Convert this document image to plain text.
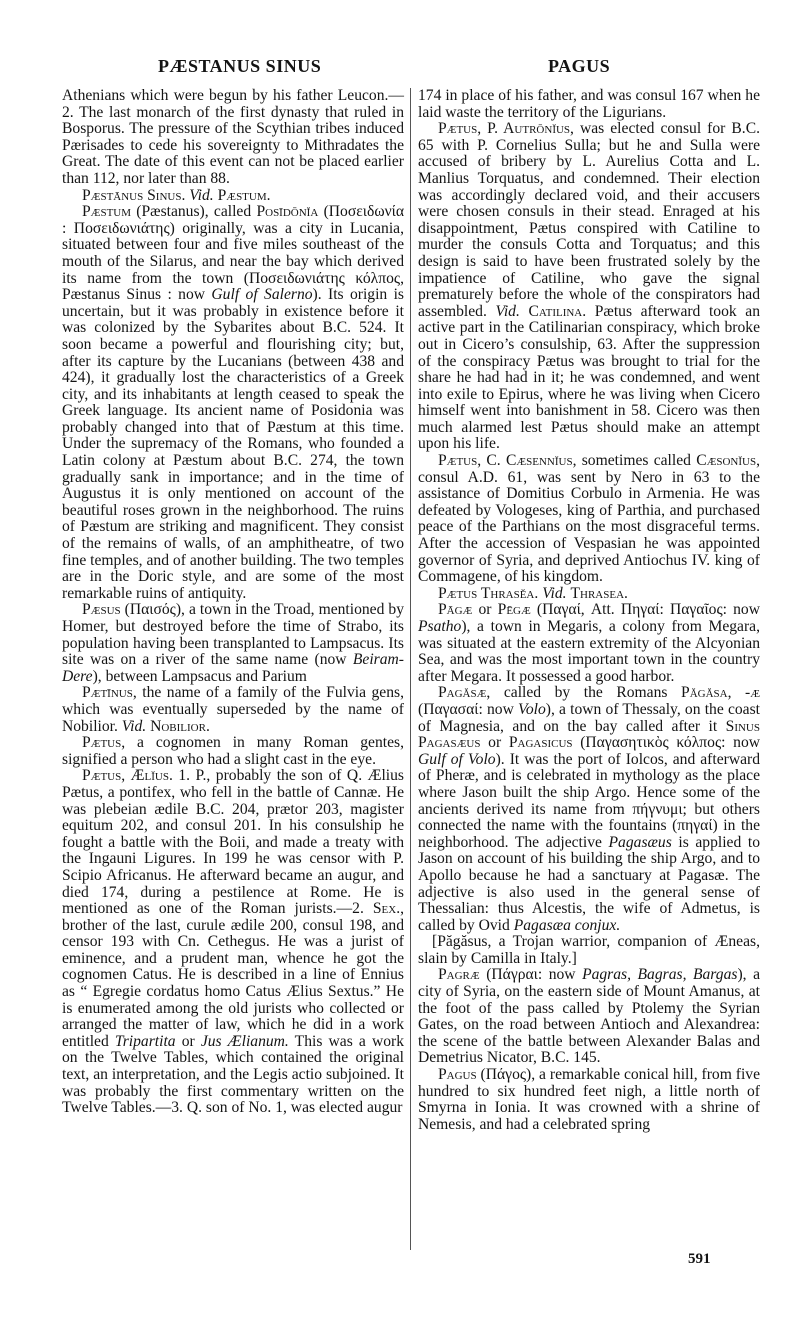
PÆSTANUS SINUS	PAGUS

Athenians which were begun by his father Leucon.—2. The last monarch of the first dynasty that ruled in Bosporus. The pressure of the Scythian tribes induced Pærisades to cede his sovereignty to Mithradates the Great. The date of this event can not be placed earlier than 112, nor later than 88.

Pæstānus Sinus. Vid. Pæstum.

Pæstum (Pæstanus), called Posīdōnĭa (Ποσειδωνία : Ποσειδωνιάτης) originally, was a city in Lucania, situated between four and five miles southeast of the mouth of the Silarus, and near the bay which derived its name from the town (Ποσειδωνιάτης κόλπος, Pæstanus Sinus : now Gulf of Salerno). Its origin is uncertain, but it was probably in existence before it was colonized by the Sybarites about B.C. 524. It soon became a powerful and flourishing city; but, after its capture by the Lucanians (between 438 and 424), it gradually lost the characteristics of a Greek city, and its inhabitants at length ceased to speak the Greek language. Its ancient name of Posidonia was probably changed into that of Pæstum at this time. Under the supremacy of the Romans, who founded a Latin colony at Pæstum about B.C. 274, the town gradually sank in importance; and in the time of Augustus it is only mentioned on account of the beautiful roses grown in the neighborhood. The ruins of Pæstum are striking and magnificent. They consist of the remains of walls, of an amphitheatre, of two fine temples, and of another building. The two temples are in the Doric style, and are some of the most remarkable ruins of antiquity.

Pæsus (Παισός), a town in the Troad, mentioned by Homer, but destroyed before the time of Strabo, its population having been transplanted to Lampsacus. Its site was on a river of the same name (now Beiram-Dere), between Lampsacus and Parium

Pætīnus, the name of a family of the Fulvia gens, which was eventually superseded by the name of Nobilior. Vid. Nobilior.

Pætus, a cognomen in many Roman gentes, signified a person who had a slight cast in the eye.

Pætus, Ælĭus. 1. P., probably the son of Q. Ælius Pætus, a pontifex, who fell in the battle of Cannæ. He was plebeian ædile B.C. 204, prætor 203, magister equitum 202, and consul 201. In his consulship he fought a battle with the Boii, and made a treaty with the Ingauni Ligures. In 199 he was censor with P. Scipio Africanus. He afterward became an augur, and died 174, during a pestilence at Rome. He is mentioned as one of the Roman jurists.—2. Sex., brother of the last, curule ædile 200, consul 198, and censor 193 with Cn. Cethegus. He was a jurist of eminence, and a prudent man, whence he got the cognomen Catus. He is described in a line of Ennius as “ Egregie cordatus homo Catus Ælius Sextus.” He is enumerated among the old jurists who collected or arranged the matter of law, which he did in a work entitled Tripartita or Jus Ælianum. This was a work on the Twelve Tables, which contained the original text, an interpretation, and the Legis actio subjoined. It was probably the first commentary written on the Twelve Tables.—3. Q. son of No. 1, was elected augur

174 in place of his father, and was consul 167 when he laid waste the territory of the Ligurians.

Pætus, P. Autrōnĭus, was elected consul for B.C. 65 with P. Cornelius Sulla; but he and Sulla were accused of bribery by L. Aurelius Cotta and L. Manlius Torquatus, and condemned. Their election was accordingly declared void, and their accusers were chosen consuls in their stead. Enraged at his disappointment, Pætus conspired with Catiline to murder the consuls Cotta and Torquatus; and this design is said to have been frustrated solely by the impatience of Catiline, who gave the signal prematurely before the whole of the conspirators had assembled. Vid. Catilina. Pætus afterward took an active part in the Catilinarian conspiracy, which broke out in Cicero’s consulship, 63. After the suppression of the conspiracy Pætus was brought to trial for the share he had had in it; he was condemned, and went into exile to Epirus, where he was living when Cicero himself went into banishment in 58. Cicero was then much alarmed lest Pætus should make an attempt upon his life.

Pætus, C. Cæsennĭus, sometimes called Cæsonĭus, consul A.D. 61, was sent by Nero in 63 to the assistance of Domitius Corbulo in Armenia. He was defeated by Vologeses, king of Parthia, and purchased peace of the Parthians on the most disgraceful terms. After the accession of Vespasian he was appointed governor of Syria, and deprived Antiochus IV. king of Commagene, of his kingdom.

Pætus Thrasĕa. Vid. Thrasea.

Pāgæ or Pēgæ (Παγαί, Att. Πηγαί: Παγαῖος: now Psatho), a town in Megaris, a colony from Megara, was situated at the eastern extremity of the Alcyonian Sea, and was the most important town in the country after Megara. It possessed a good harbor.

Pagăsæ, called by the Romans Păgăsa, -æ (Παγασαί: now Volo), a town of Thessaly, on the coast of Magnesia, and on the bay called after it Sinus Pagasæus or Pagasicus (Παγασητικὸς κόλπος: now Gulf of Volo). It was the port of Iolcos, and afterward of Pheræ, and is celebrated in mythology as the place where Jason built the ship Argo. Hence some of the ancients derived its name from πήγνυμι; but others connected the name with the fountains (πηγαί) in the neighborhood. The adjective Pagasæus is applied to Jason on account of his building the ship Argo, and to Apollo because he had a sanctuary at Pagasæ. The adjective is also used in the general sense of Thessalian: thus Alcestis, the wife of Admetus, is called by Ovid Pagasæa conjux.

[Păgăsus, a Trojan warrior, companion of Æneas, slain by Camilla in Italy.]

Pagræ (Πάγραι: now Pagras, Bagras, Bargas), a city of Syria, on the eastern side of Mount Amanus, at the foot of the pass called by Ptolemy the Syrian Gates, on the road between Antioch and Alexandrea: the scene of the battle between Alexander Balas and Demetrius Nicator, B.C. 145.

Pagus (Πάγος), a remarkable conical hill, from five hundred to six hundred feet nigh, a little north of Smyrna in Ionia. It was crowned with a shrine of Nemesis, and had a celebrated spring

591
